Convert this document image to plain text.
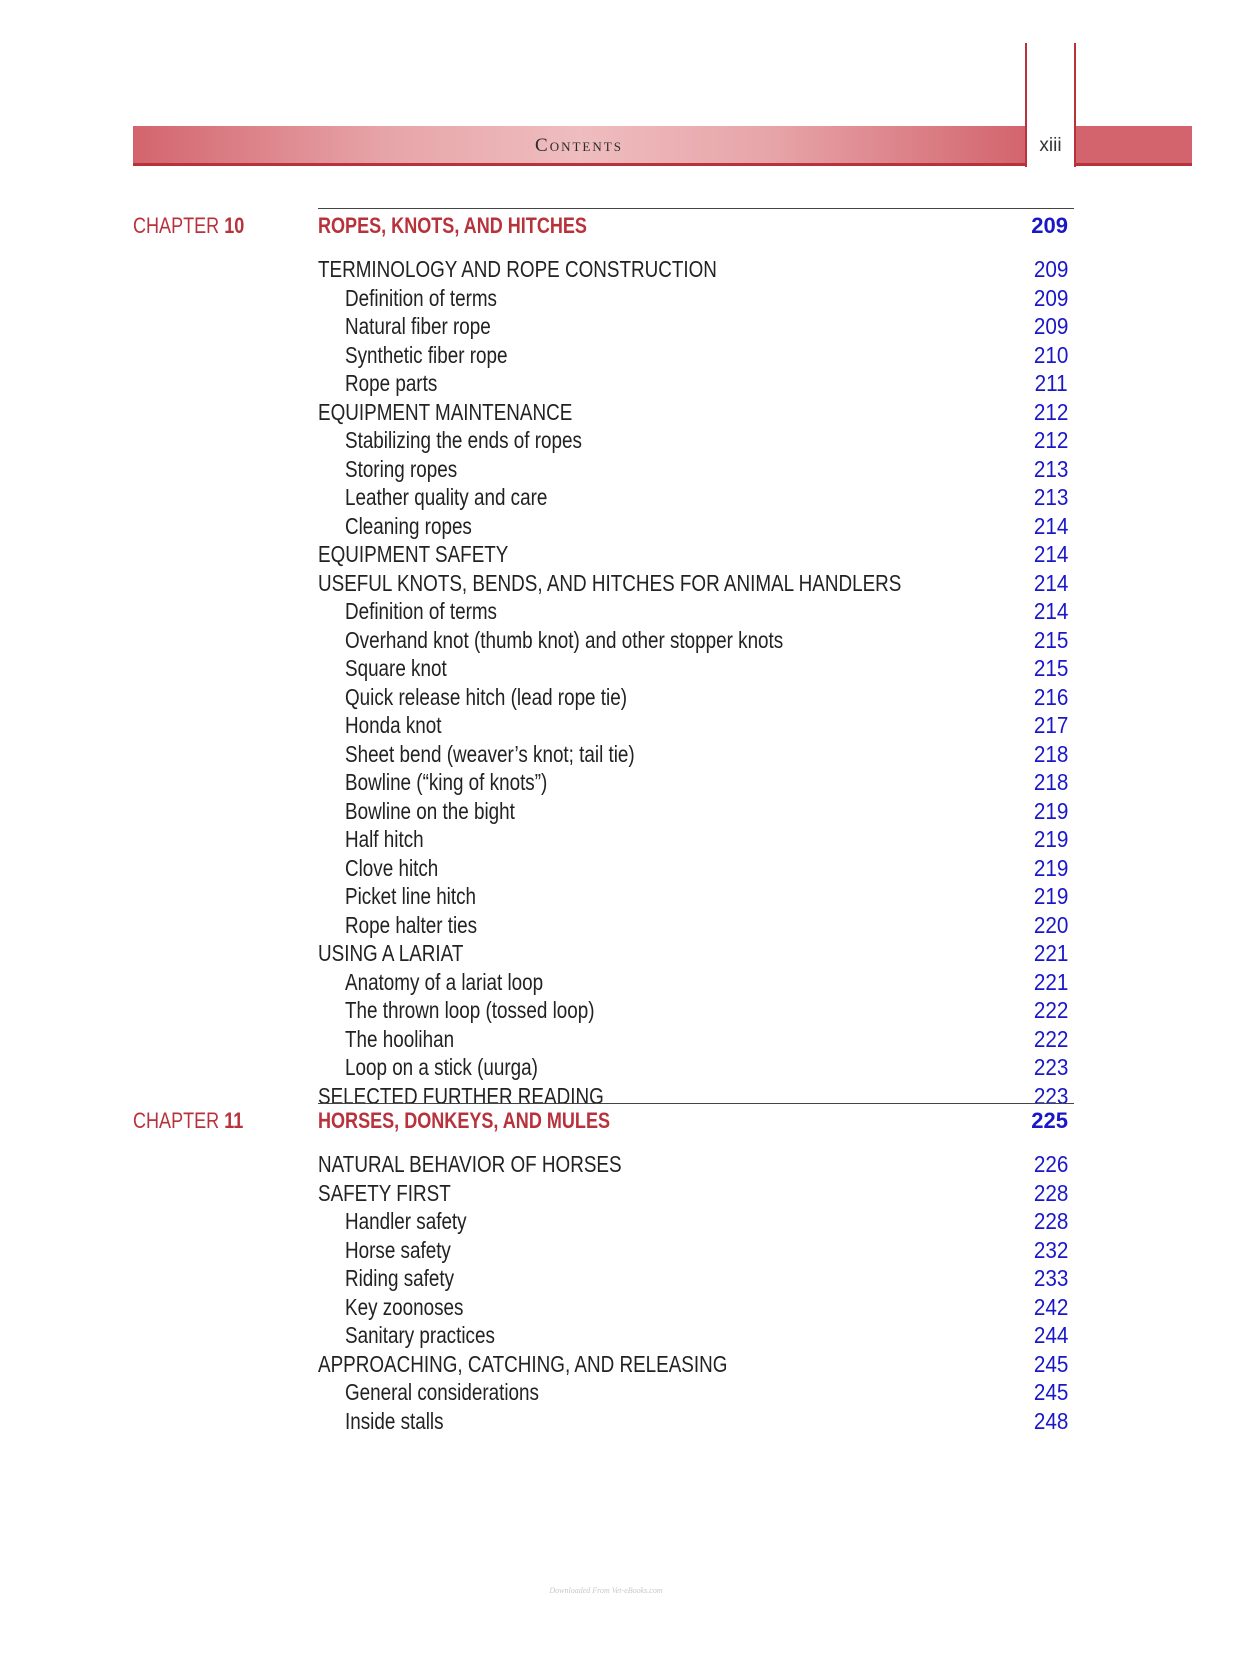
Contents	xiii
CHAPTER 10	ROPES, KNOTS, AND HITCHES	209
TERMINOLOGY AND ROPE CONSTRUCTION	209
Definition of terms	209
Natural fiber rope	209
Synthetic fiber rope	210
Rope parts	211
EQUIPMENT MAINTENANCE	212
Stabilizing the ends of ropes	212
Storing ropes	213
Leather quality and care	213
Cleaning ropes	214
EQUIPMENT SAFETY	214
USEFUL KNOTS, BENDS, AND HITCHES FOR ANIMAL HANDLERS	214
Definition of terms	214
Overhand knot (thumb knot) and other stopper knots	215
Square knot	215
Quick release hitch (lead rope tie)	216
Honda knot	217
Sheet bend (weaver’s knot; tail tie)	218
Bowline (“king of knots”)	218
Bowline on the bight	219
Half hitch	219
Clove hitch	219
Picket line hitch	219
Rope halter ties	220
USING A LARIAT	221
Anatomy of a lariat loop	221
The thrown loop (tossed loop)	222
The hoolihan	222
Loop on a stick (uurga)	223
SELECTED FURTHER READING	223
CHAPTER 11	HORSES, DONKEYS, AND MULES	225
NATURAL BEHAVIOR OF HORSES	226
SAFETY FIRST	228
Handler safety	228
Horse safety	232
Riding safety	233
Key zoonoses	242
Sanitary practices	244
APPROACHING, CATCHING, AND RELEASING	245
General considerations	245
Inside stalls	248
Downloaded From Vet-eBooks.com
